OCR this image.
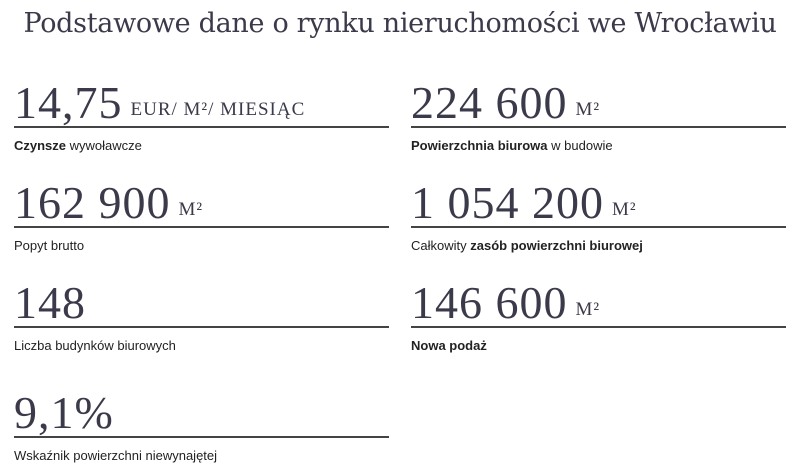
Podstawowe dane o rynku nieruchomości we Wrocławiu
14,75 EUR/ M²/ MIESIĄC
Czynsze wywoławcze
162 900 M²
Popyt brutto
148
Liczba budynków biurowych
9,1%
Wskaźnik powierzchni niewynajętej
224 600 M²
Powierzchnia biurowa w budowie
1 054 200 M²
Całkowity zasób powierzchni biurowej
146 600 M²
Nowa podaż
